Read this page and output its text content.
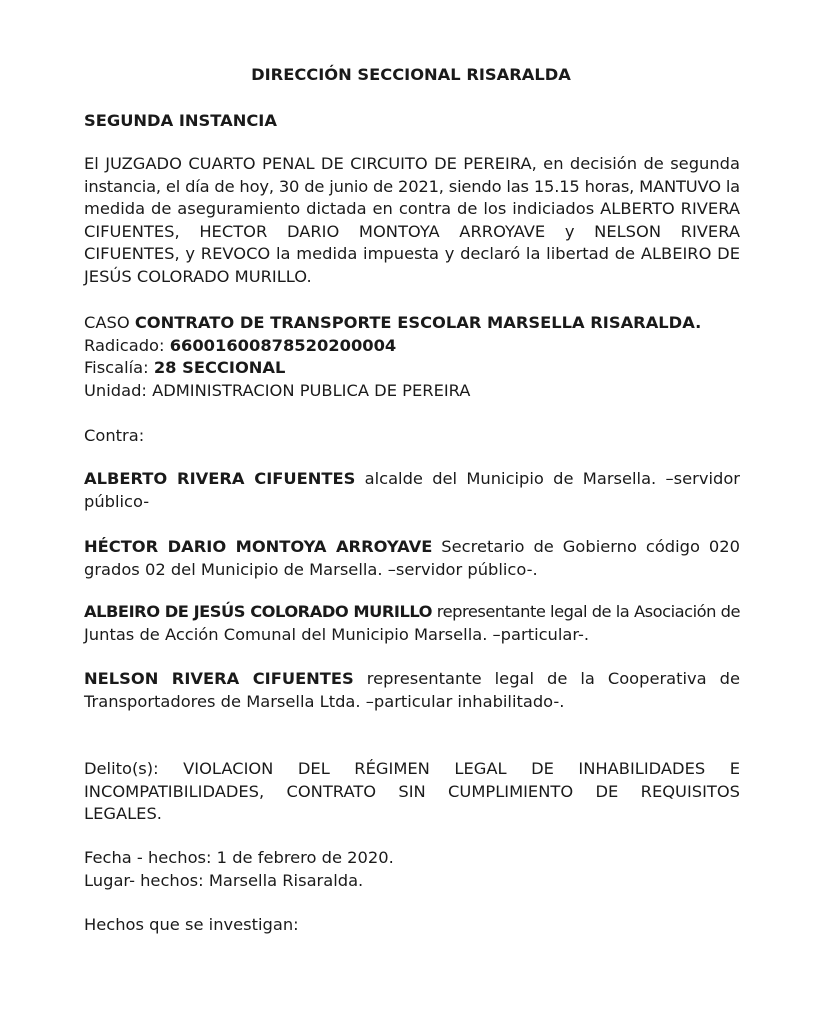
DIRECCIÓN SECCIONAL RISARALDA
SEGUNDA INSTANCIA
El JUZGADO CUARTO PENAL DE CIRCUITO DE PEREIRA, en decisión de segunda
instancia, el día de hoy, 30 de junio de 2021, siendo las 15.15 horas, MANTUVO la
medida de aseguramiento dictada en contra de los indiciados ALBERTO RIVERA
CIFUENTES, HECTOR DARIO MONTOYA ARROYAVE y NELSON RIVERA
CIFUENTES, y REVOCO la medida impuesta y declaró la libertad de ALBEIRO DE
JESÚS COLORADO MURILLO.
CASO CONTRATO DE TRANSPORTE ESCOLAR MARSELLA RISARALDA.
Radicado: 66001600878520200004
Fiscalía: 28 SECCIONAL
Unidad: ADMINISTRACION PUBLICA DE PEREIRA
Contra:
ALBERTO RIVERA CIFUENTES alcalde del Municipio de Marsella. –servidor
público-
HÉCTOR DARIO MONTOYA ARROYAVE Secretario de Gobierno código 020
grados 02 del Municipio de Marsella. –servidor público-.
ALBEIRO DE JESÚS COLORADO MURILLO representante legal de la Asociación de
Juntas de Acción Comunal del Municipio Marsella. –particular-.
NELSON RIVERA CIFUENTES representante legal de la Cooperativa de
Transportadores de Marsella Ltda. –particular inhabilitado-.
Delito(s): VIOLACION DEL RÉGIMEN LEGAL DE INHABILIDADES E
INCOMPATIBILIDADES, CONTRATO SIN CUMPLIMIENTO DE REQUISITOS
LEGALES.
Fecha - hechos: 1 de febrero de 2020.
Lugar- hechos: Marsella Risaralda.
Hechos que se investigan:
